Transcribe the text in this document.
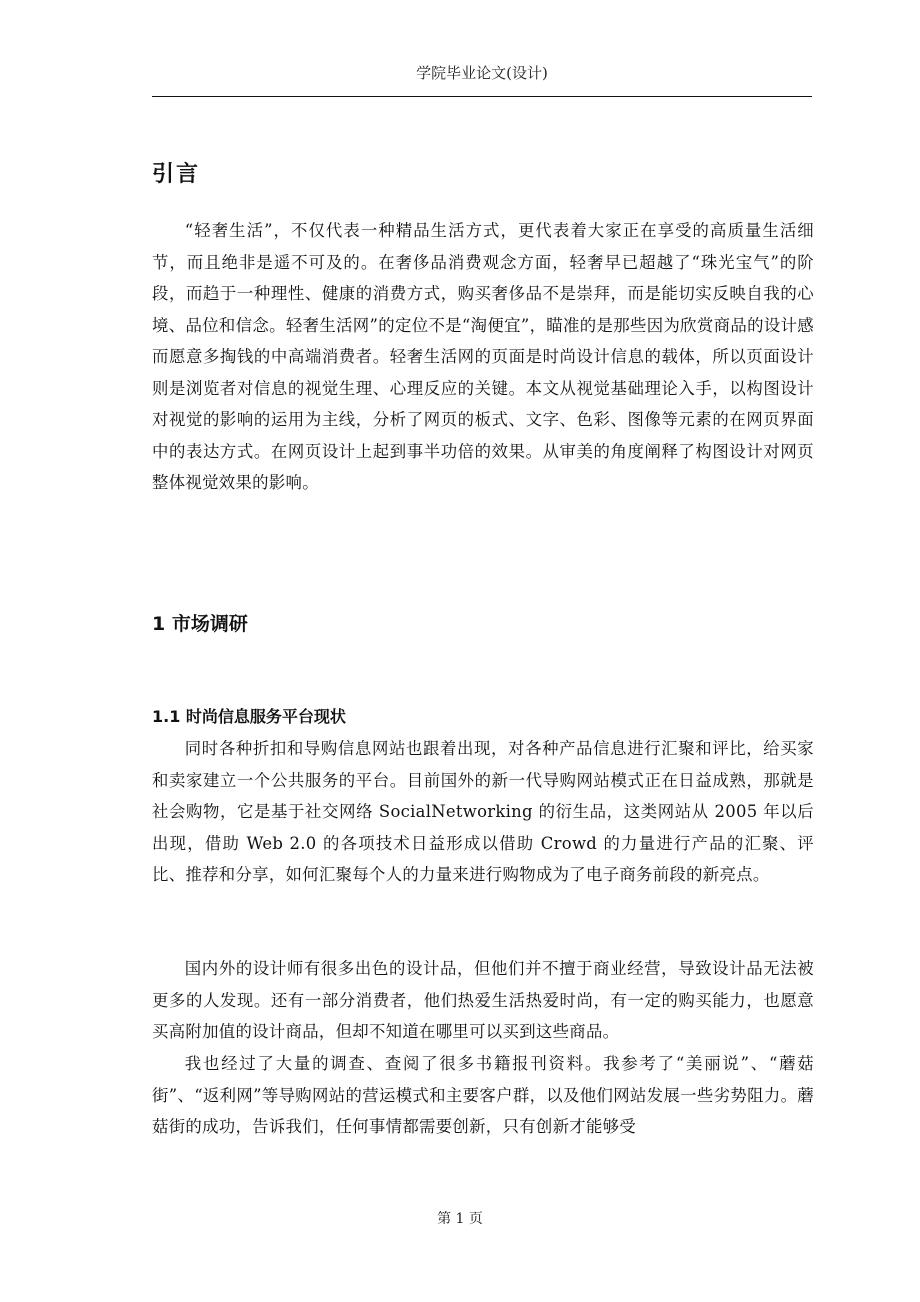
学院毕业论文(设计)
引言

“轻奢生活”，不仅代表一种精品生活方式，更代表着大家正在享受的高质量生活细节，而且绝非是遥不可及的。在奢侈品消费观念方面，轻奢早已超越了“珠光宝气”的阶段，而趋于一种理性、健康的消费方式，购买奢侈品不是崇拜，而是能切实反映自我的心境、品位和信念。轻奢生活网”的定位不是“淘便宜”，瞄准的是那些因为欣赏商品的设计感而愿意多掏钱的中高端消费者。轻奢生活网的页面是时尚设计信息的载体，所以页面设计则是浏览者对信息的视觉生理、心理反应的关键。本文从视觉基础理论入手，以构图设计对视觉的影响的运用为主线，分析了网页的板式、文字、色彩、图像等元素的在网页界面中的表达方式。在网页设计上起到事半功倍的效果。从审美的角度阐释了构图设计对网页整体视觉效果的影响。

1 市场调研
1.1 时尚信息服务平台现状

同时各种折扣和导购信息网站也跟着出现，对各种产品信息进行汇聚和评比，给买家和卖家建立一个公共服务的平台。目前国外的新一代导购网站模式正在日益成熟，那就是社会购物，它是基于社交网络 SocialNetworking 的衍生品，这类网站从 2005 年以后出现，借助 Web 2.0 的各项技术日益形成以借助 Crowd 的力量进行产品的汇聚、评比、推荐和分享，如何汇聚每个人的力量来进行购物成为了电子商务前段的新亮点。

国内外的设计师有很多出色的设计品，但他们并不擅于商业经营，导致设计品无法被更多的人发现。还有一部分消费者，他们热爱生活热爱时尚，有一定的购买能力，也愿意买高附加值的设计商品，但却不知道在哪里可以买到这些商品。

我也经过了大量的调查、查阅了很多书籍报刊资料。我参考了“美丽说”、“蘑菇街”、“返利网”等导购网站的营运模式和主要客户群，以及他们网站发展一些劣势阻力。蘑菇街的成功，告诉我们，任何事情都需要创新，只有创新才能够受

第 1 页
